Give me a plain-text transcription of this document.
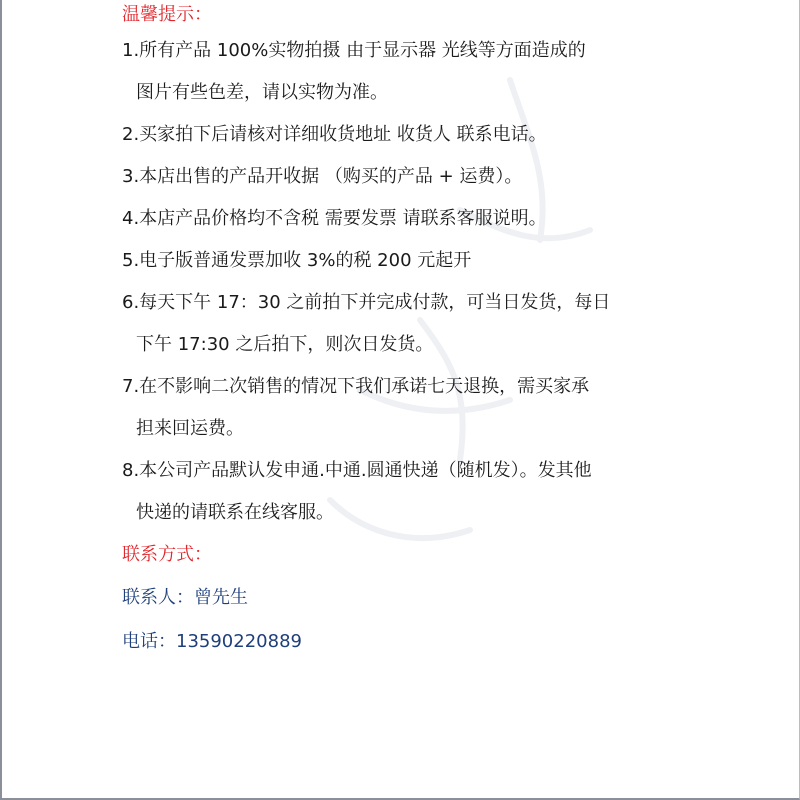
温馨提示：

1.所有产品 100%实物拍摄 由于显示器 光线等方面造成的
图片有些色差，请以实物为准。
2.买家拍下后请核对详细收货地址 收货人 联系电话。
3.本店出售的产品开收据 （购买的产品 + 运费）。
4.本店产品价格均不含税 需要发票 请联系客服说明。
5.电子版普通发票加收 3%的税 200 元起开
6.每天下午 17：30 之前拍下并完成付款，可当日发货，每日
下午 17:30 之后拍下，则次日发货。
7.在不影响二次销售的情况下我们承诺七天退换，需买家承
担来回运费。
8.本公司产品默认发申通.中通.圆通快递（随机发）。发其他
快递的请联系在线客服。

联系方式：

联系人：曾先生

电话：13590220889
